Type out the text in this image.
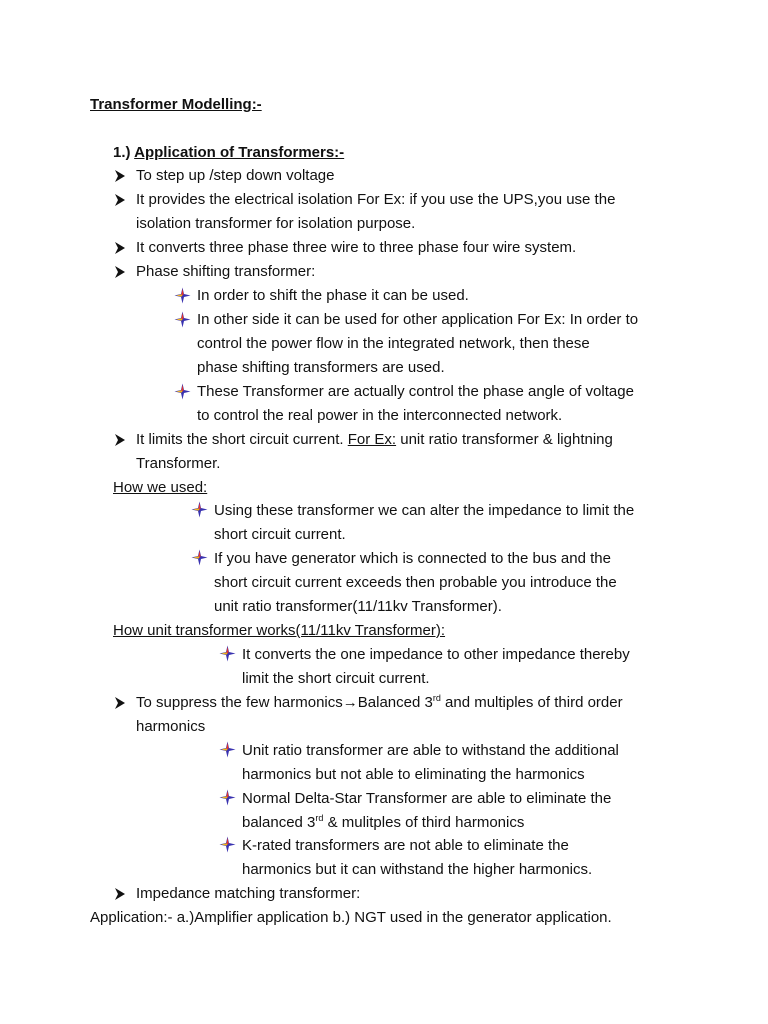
Transformer Modelling:-
1.) Application of Transformers:-
To step up /step down voltage
It provides the electrical isolation For Ex: if you use the UPS,you use the
isolation transformer for isolation purpose.
It converts three phase three wire to three phase four wire system.
Phase shifting transformer:
In order to shift the phase it can be used.
In other side it can be used for other application For Ex: In order to
control the power flow in the integrated network, then these
phase shifting transformers are used.
These Transformer are actually control the phase angle of voltage
to control the real power in the interconnected network.
It limits the short circuit current. For Ex: unit ratio transformer & lightning
Transformer.
How we used:
Using these transformer we can alter the impedance to limit the
short circuit current.
If you have generator which is connected to the bus and the
short circuit current exceeds then probable you introduce the
unit ratio transformer(11/11kv Transformer).
How unit transformer works(11/11kv Transformer):
It converts the one impedance to other impedance thereby
limit the short circuit current.
To suppress the few harmonics→Balanced 3rd and multiples of third order
harmonics
Unit ratio transformer are able to withstand the additional
harmonics but not able to eliminating the harmonics
Normal Delta-Star Transformer are able to eliminate the
balanced 3rd & mulitples of third harmonics
K-rated transformers are not able to eliminate the
harmonics but it can withstand the higher harmonics.
Impedance matching transformer:
Application:- a.)Amplifier application b.) NGT used in the generator application.
